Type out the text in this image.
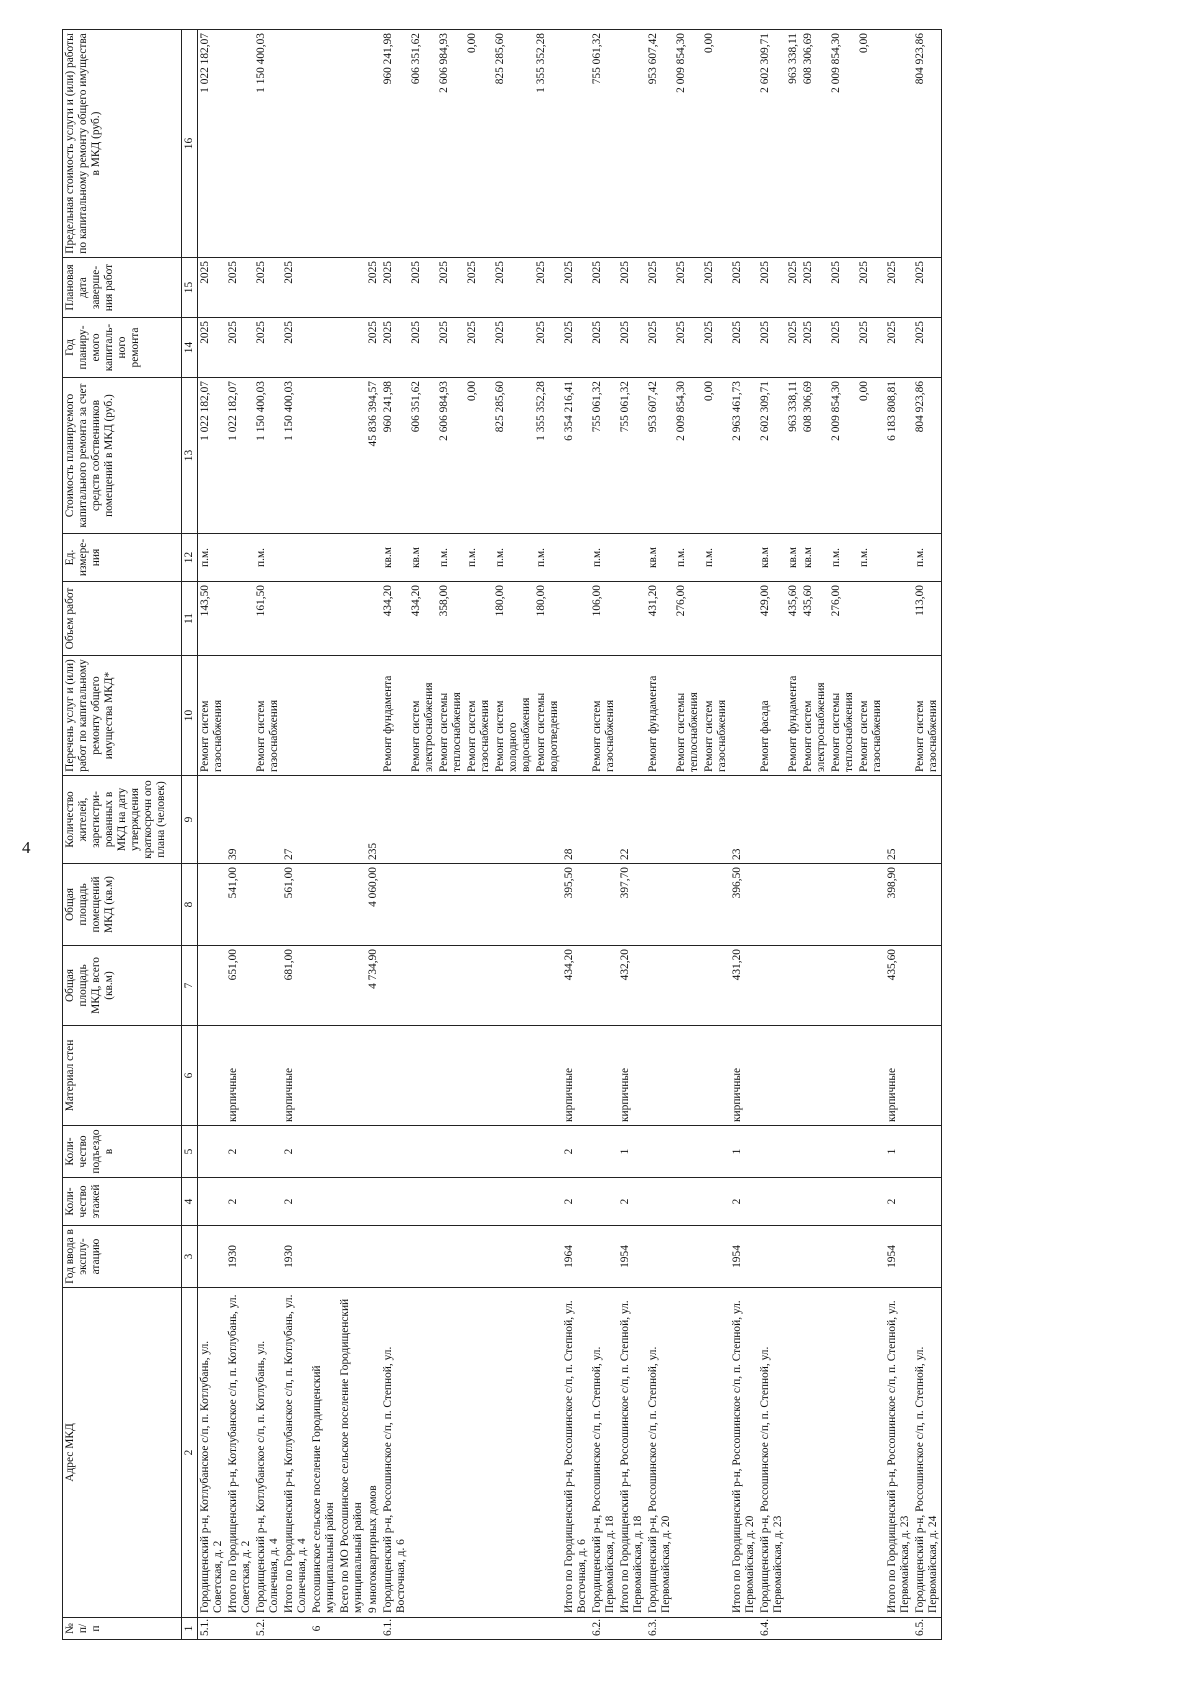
4
№ п/п	Адрес МКД	Год ввода в эксплу-атацию	Коли-чество этажей	Коли-чество подъездо в	Материал стен	Общая площадь МКД, всего (кв.м)	Общая площадь помещений МКД (кв.м)	Количество жителей, зарегистри-рованных в МКД на дату утверждения краткосрочн ого плана (человек)	Перечень услуг и (или) работ по капитальному ремонту общего имущества МКД*	Объем работ	Ед. измере-ния	Стоимость планируемого капитального ремонта за счет средств собственников помещений в МКД (руб.)	Год планиру-емого капиталь-ного ремонта	Плановая дата заверше-ния работ	Предельная стоимость услуги и (или) работы по капитальному ремонту общего имущества в МКД (руб.)
1	2	3	4	5	6	7	8	9	10	11	12	13	14	15	16
5.1.	Городищенский р-н, Котлубанское с/п, п. Котлубань, ул. Советская, д. 2								Ремонт систем газоснабжения	143,50	п.м.	1 022 182,07	2025	2025	1 022 182,07
	Итого по Городищенский р-н, Котлубанское с/п, п. Котлубань, ул. Советская, д. 2	1930	2	2	кирпичные	651,00	541,00	39				1 022 182,07	2025	2025	
5.2.	Городищенский р-н, Котлубанское с/п, п. Котлубань, ул. Солнечная, д. 4								Ремонт систем газоснабжения	161,50	п.м.	1 150 400,03	2025	2025	1 150 400,03
	Итого по Городищенский р-н, Котлубанское с/п, п. Котлубань, ул. Солнечная, д. 4	1930	2	2	кирпичные	681,00	561,00	27				1 150 400,03	2025	2025	
6	Россошинское сельское поселение Городищенский муниципальный район														
	Всего по МО Россошинское сельское поселение Городищенский муниципальный район														
	9 многоквартирных домов					4 734,90	4 060,00	235				45 836 394,57	2025	2025	
6.1.	Городищенский р-н, Россошинское с/п, п. Степной, ул. Восточная, д. 6								Ремонт фундамента	434,20	кв.м	960 241,98	2025	2025	960 241,98
									Ремонт систем электроснабжения	434,20	кв.м	606 351,62	2025	2025	606 351,62
									Ремонт системы теплоснабжения	358,00	п.м.	2 606 984,93	2025	2025	2 606 984,93
									Ремонт систем газоснабжения		п.м.	0,00	2025	2025	0,00
									Ремонт систем холодного водоснабжения	180,00	п.м.	825 285,60	2025	2025	825 285,60
									Ремонт системы водоотведения	180,00	п.м.	1 355 352,28	2025	2025	1 355 352,28
	Итого по Городищенский р-н, Россошинское с/п, п. Степной, ул. Восточная, д. 6	1964	2	2	кирпичные	434,20	395,50	28				6 354 216,41	2025	2025	
6.2.	Городищенский р-н, Россошинское с/п, п. Степной, ул. Первомайская, д. 18								Ремонт систем газоснабжения	106,00	п.м.	755 061,32	2025	2025	755 061,32
	Итого по Городищенский р-н, Россошинское с/п, п. Степной, ул. Первомайская, д. 18	1954	2	1	кирпичные	432,20	397,70	22				755 061,32	2025	2025	
6.3.	Городищенский р-н, Россошинское с/п, п. Степной, ул. Первомайская, д. 20								Ремонт фундамента	431,20	кв.м	953 607,42	2025	2025	953 607,42
									Ремонт системы теплоснабжения	276,00	п.м.	2 009 854,30	2025	2025	2 009 854,30
									Ремонт систем газоснабжения		п.м.	0,00	2025	2025	0,00
	Итого по Городищенский р-н, Россошинское с/п, п. Степной, ул. Первомайская, д. 20	1954	2	1	кирпичные	431,20	396,50	23				2 963 461,73	2025	2025	
6.4.	Городищенский р-н, Россошинское с/п, п. Степной, ул. Первомайская, д. 23								Ремонт фасада	429,00	кв.м	2 602 309,71	2025	2025	2 602 309,71
									Ремонт фундамента	435,60	кв.м	963 338,11	2025	2025	963 338,11
									Ремонт систем электроснабжения	435,60	кв.м	608 306,69	2025	2025	608 306,69
									Ремонт системы теплоснабжения	276,00	п.м.	2 009 854,30	2025	2025	2 009 854,30
									Ремонт систем газоснабжения		п.м.	0,00	2025	2025	0,00
	Итого по Городищенский р-н, Россошинское с/п, п. Степной, ул. Первомайская, д. 23	1954	2	1	кирпичные	435,60	398,90	25				6 183 808,81	2025	2025	
6.5.	Городищенский р-н, Россошинское с/п, п. Степной, ул. Первомайская, д. 24								Ремонт систем газоснабжения	113,00	п.м.	804 923,86	2025	2025	804 923,86
